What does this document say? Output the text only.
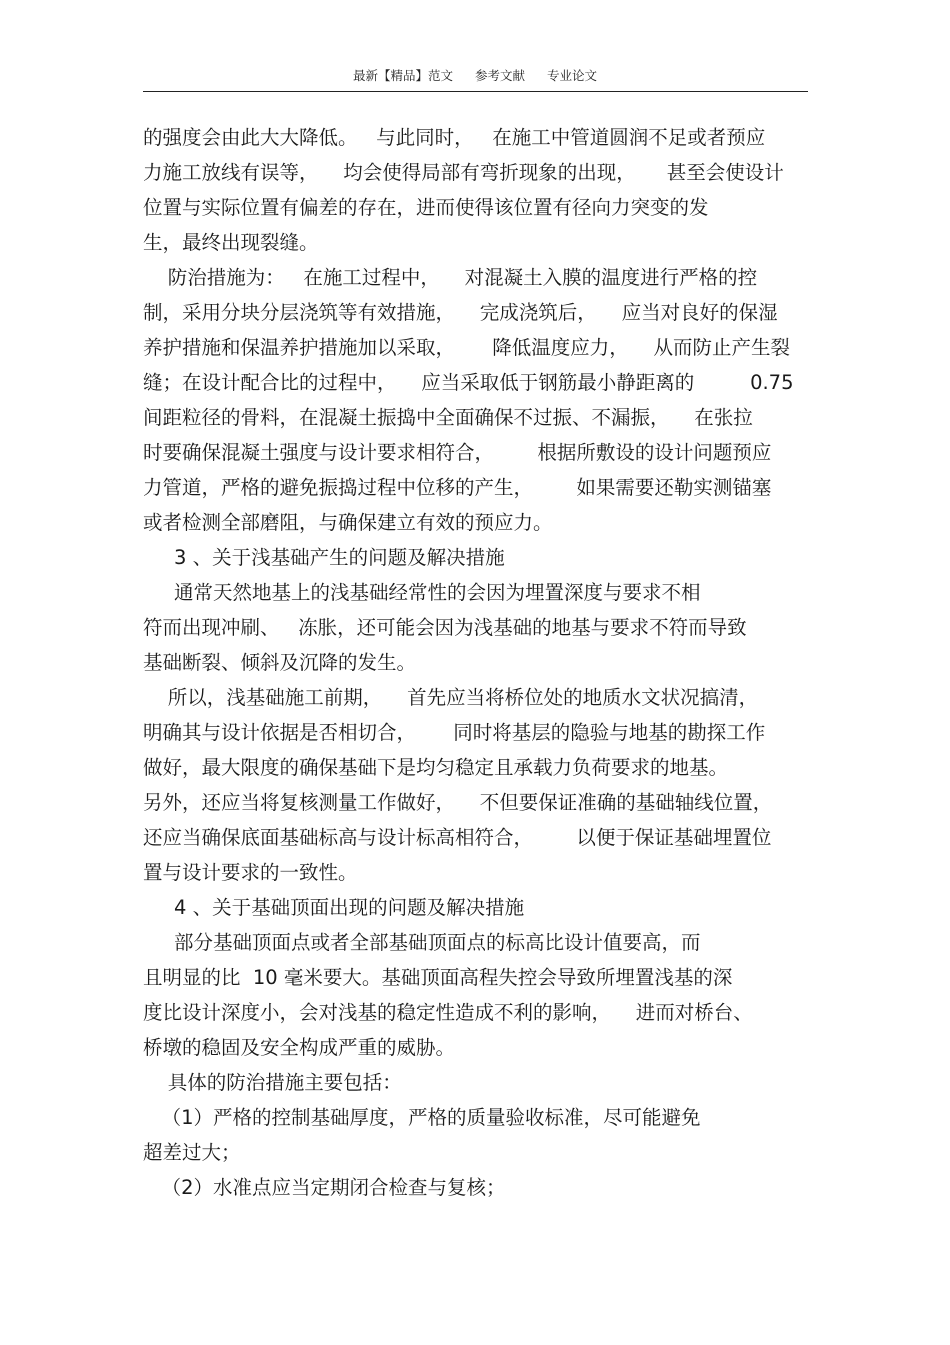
最新【精品】范文 参考文献 专业论文
的强度会由此大大降低。   与此同时，   在施工中管道圆润不足或者预应
力施工放线有误等，    均会使得局部有弯折现象的出现，     甚至会使设计
位置与实际位置有偏差的存在，进而使得该位置有径向力突变的发
生，最终出现裂缝。
防治措施为：   在施工过程中，    对混凝土入膜的温度进行严格的控
制，采用分块分层浇筑等有效措施，    完成浇筑后，    应当对良好的保湿
养护措施和保温养护措施加以采取，      降低温度应力，    从而防止产生裂
缝；在设计配合比的过程中，    应当采取低于钢筋最小静距离的         0.75
间距粒径的骨料，在混凝土振捣中全面确保不过振、不漏振，    在张拉
时要确保混凝土强度与设计要求相符合，       根据所敷设的设计问题预应
力管道，严格的避免振捣过程中位移的产生，       如果需要还勒实测锚塞
或者检测全部磨阻，与确保建立有效的预应力。
3 、关于浅基础产生的问题及解决措施
通常天然地基上的浅基础经常性的会因为埋置深度与要求不相
符而出现冲刷、   冻胀，还可能会因为浅基础的地基与要求不符而导致
基础断裂、倾斜及沉降的发生。
所以，浅基础施工前期，    首先应当将桥位处的地质水文状况搞清，
明确其与设计依据是否相切合，      同时将基层的隐验与地基的勘探工作
做好，最大限度的确保基础下是均匀稳定且承载力负荷要求的地基。
另外，还应当将复核测量工作做好，    不但要保证准确的基础轴线位置，
还应当确保底面基础标高与设计标高相符合，       以便于保证基础埋置位
置与设计要求的一致性。
4 、关于基础顶面出现的问题及解决措施
部分基础顶面点或者全部基础顶面点的标高比设计值要高，而
且明显的比  10 毫米要大。基础顶面高程失控会导致所埋置浅基的深
度比设计深度小，会对浅基的稳定性造成不利的影响，    进而对桥台、
桥墩的稳固及安全构成严重的威胁。
具体的防治措施主要包括：
（1）严格的控制基础厚度，严格的质量验收标准，尽可能避免
超差过大；
（2）水准点应当定期闭合检查与复核；
